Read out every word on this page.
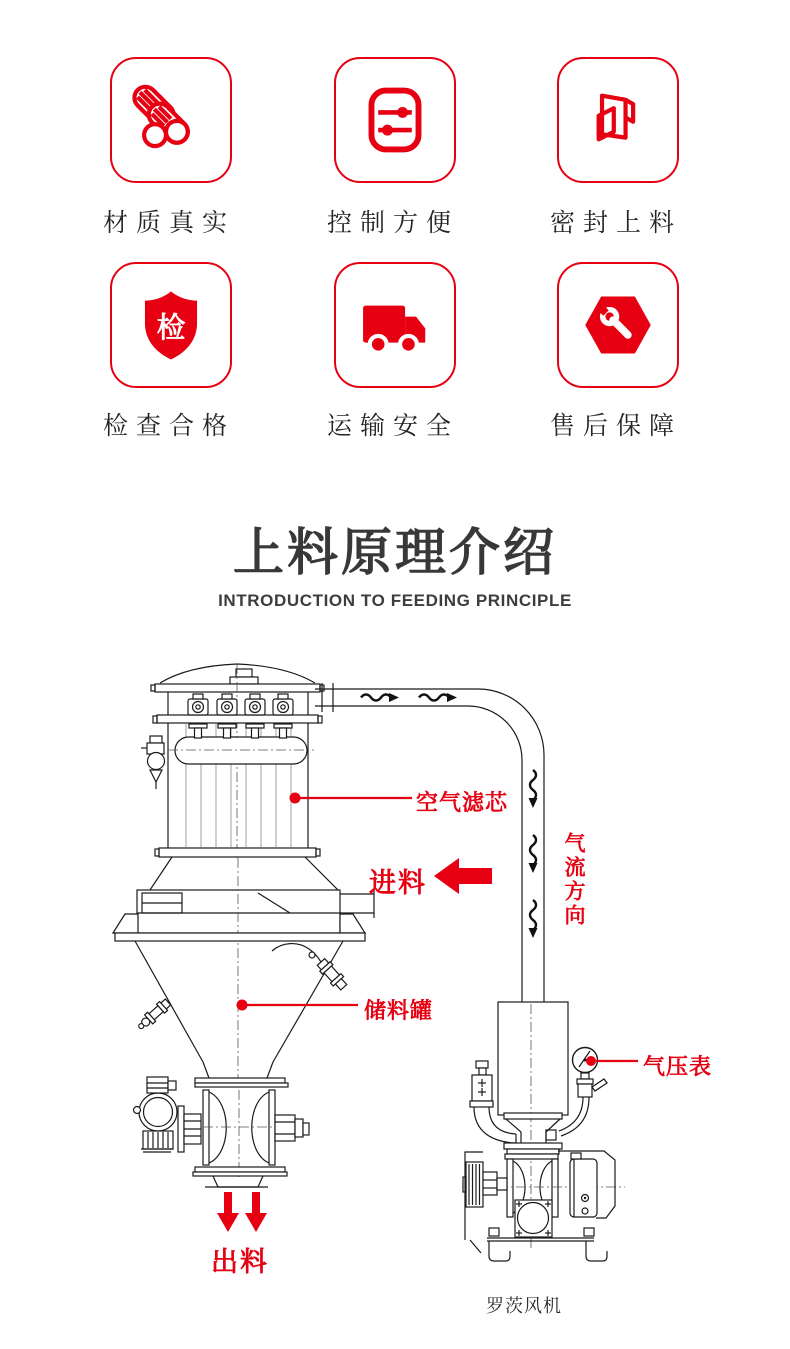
材质真实	控制方便	密封上料
检
检查合格	运输安全	售后保障
上料原理介绍
INTRODUCTION TO FEEDING PRINCIPLE
空气滤芯
进料	气流方向
储料罐
气压表
出料
罗茨风机
